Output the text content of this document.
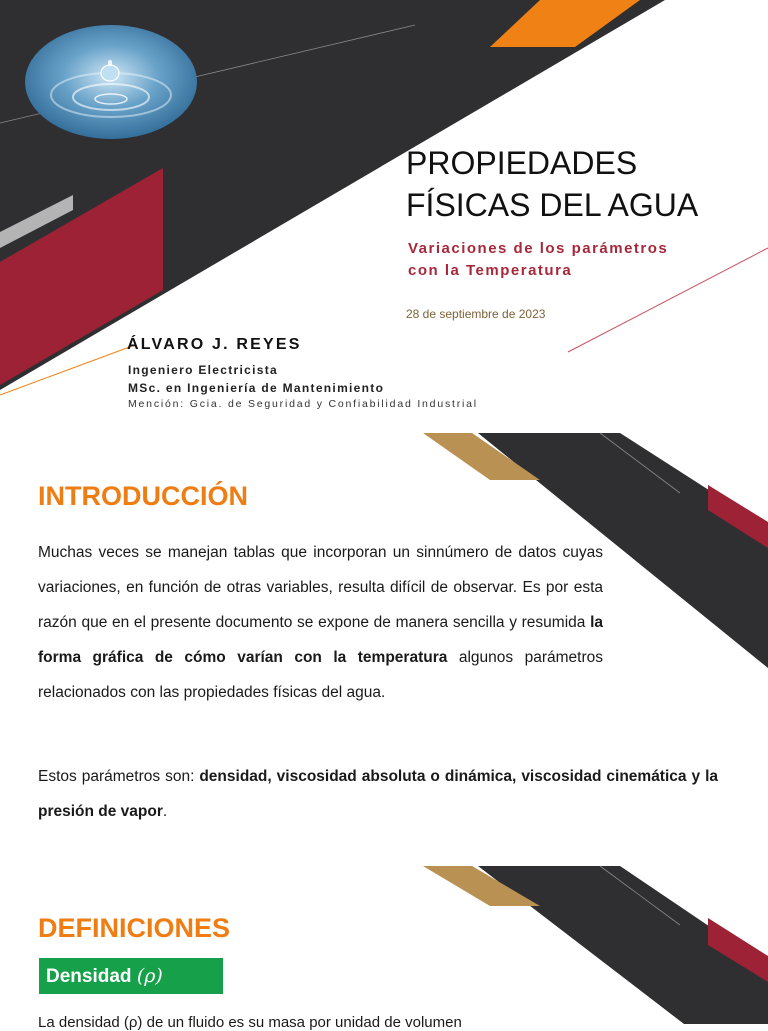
PROPIEDADES
FÍSICAS DEL AGUA
Variaciones de los parámetros
con la Temperatura
28 de septiembre de 2023
ÁLVARO J. REYES
Ingeniero Electricista
MSc. en Ingeniería de Mantenimiento
Mención: Gcia. de Seguridad y Confiabilidad Industrial
INTRODUCCIÓN

Muchas veces se manejan tablas que incorporan un sinnúmero de datos cuyas variaciones, en función de otras variables, resulta difícil de observar. Es por esta razón que en el presente documento se expone de manera sencilla y resumida la forma gráfica de cómo varían con la temperatura algunos parámetros relacionados con las propiedades físicas del agua.

Estos parámetros son: densidad, viscosidad absoluta o dinámica, viscosidad cinemática y la presión de vapor.

DEFINICIONES
Densidad (ρ)
La densidad (ρ) de un fluido es su masa por unidad de volumen
